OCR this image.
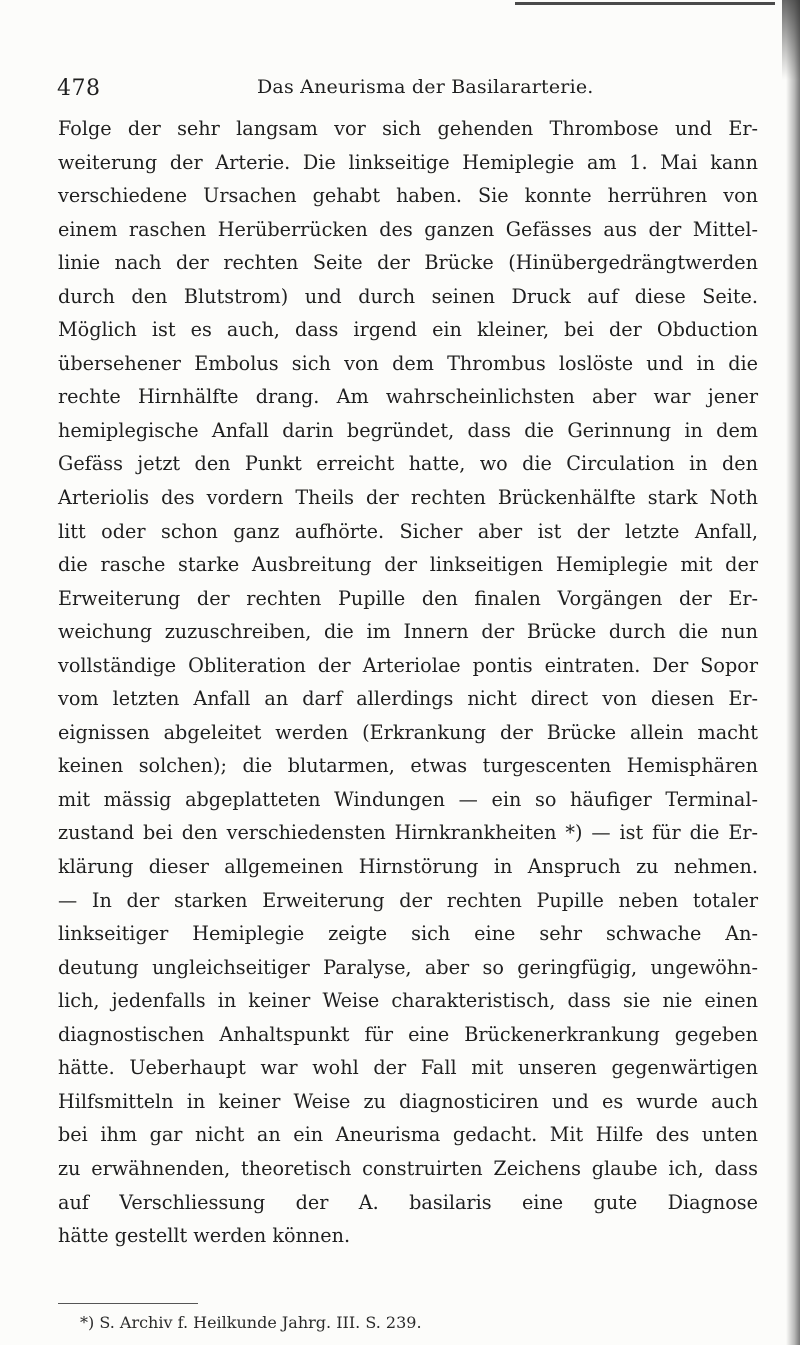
478	Das Aneurisma der Basilararterie.
Folge der sehr langsam vor sich gehenden Thrombose und Er-
weiterung der Arterie. Die linkseitige Hemiplegie am 1. Mai kann
verschiedene Ursachen gehabt haben. Sie konnte herrühren von
einem raschen Herüberrücken des ganzen Gefässes aus der Mittel-
linie nach der rechten Seite der Brücke (Hinübergedrängtwerden
durch den Blutstrom) und durch seinen Druck auf diese Seite.
Möglich ist es auch, dass irgend ein kleiner, bei der Obduction
übersehener Embolus sich von dem Thrombus loslöste und in die
rechte Hirnhälfte drang. Am wahrscheinlichsten aber war jener
hemiplegische Anfall darin begründet, dass die Gerinnung in dem
Gefäss jetzt den Punkt erreicht hatte, wo die Circulation in den
Arteriolis des vordern Theils der rechten Brückenhälfte stark Noth
litt oder schon ganz aufhörte. Sicher aber ist der letzte Anfall,
die rasche starke Ausbreitung der linkseitigen Hemiplegie mit der
Erweiterung der rechten Pupille den finalen Vorgängen der Er-
weichung zuzuschreiben, die im Innern der Brücke durch die nun
vollständige Obliteration der Arteriolae pontis eintraten. Der Sopor
vom letzten Anfall an darf allerdings nicht direct von diesen Er-
eignissen abgeleitet werden (Erkrankung der Brücke allein macht
keinen solchen); die blutarmen, etwas turgescenten Hemisphären
mit mässig abgeplatteten Windungen — ein so häufiger Terminal-
zustand bei den verschiedensten Hirnkrankheiten *) — ist für die Er-
klärung dieser allgemeinen Hirnstörung in Anspruch zu nehmen.
— In der starken Erweiterung der rechten Pupille neben totaler
linkseitiger Hemiplegie zeigte sich eine sehr schwache An-
deutung ungleichseitiger Paralyse, aber so geringfügig, ungewöhn-
lich, jedenfalls in keiner Weise charakteristisch, dass sie nie einen
diagnostischen Anhaltspunkt für eine Brückenerkrankung gegeben
hätte. Ueberhaupt war wohl der Fall mit unseren gegenwärtigen
Hilfsmitteln in keiner Weise zu diagnosticiren und es wurde auch
bei ihm gar nicht an ein Aneurisma gedacht. Mit Hilfe des unten
zu erwähnenden, theoretisch construirten Zeichens glaube ich, dass
auf Verschliessung der A. basilaris eine gute Diagnose
hätte gestellt werden können.
*) S. Archiv f. Heilkunde Jahrg. III. S. 239.
